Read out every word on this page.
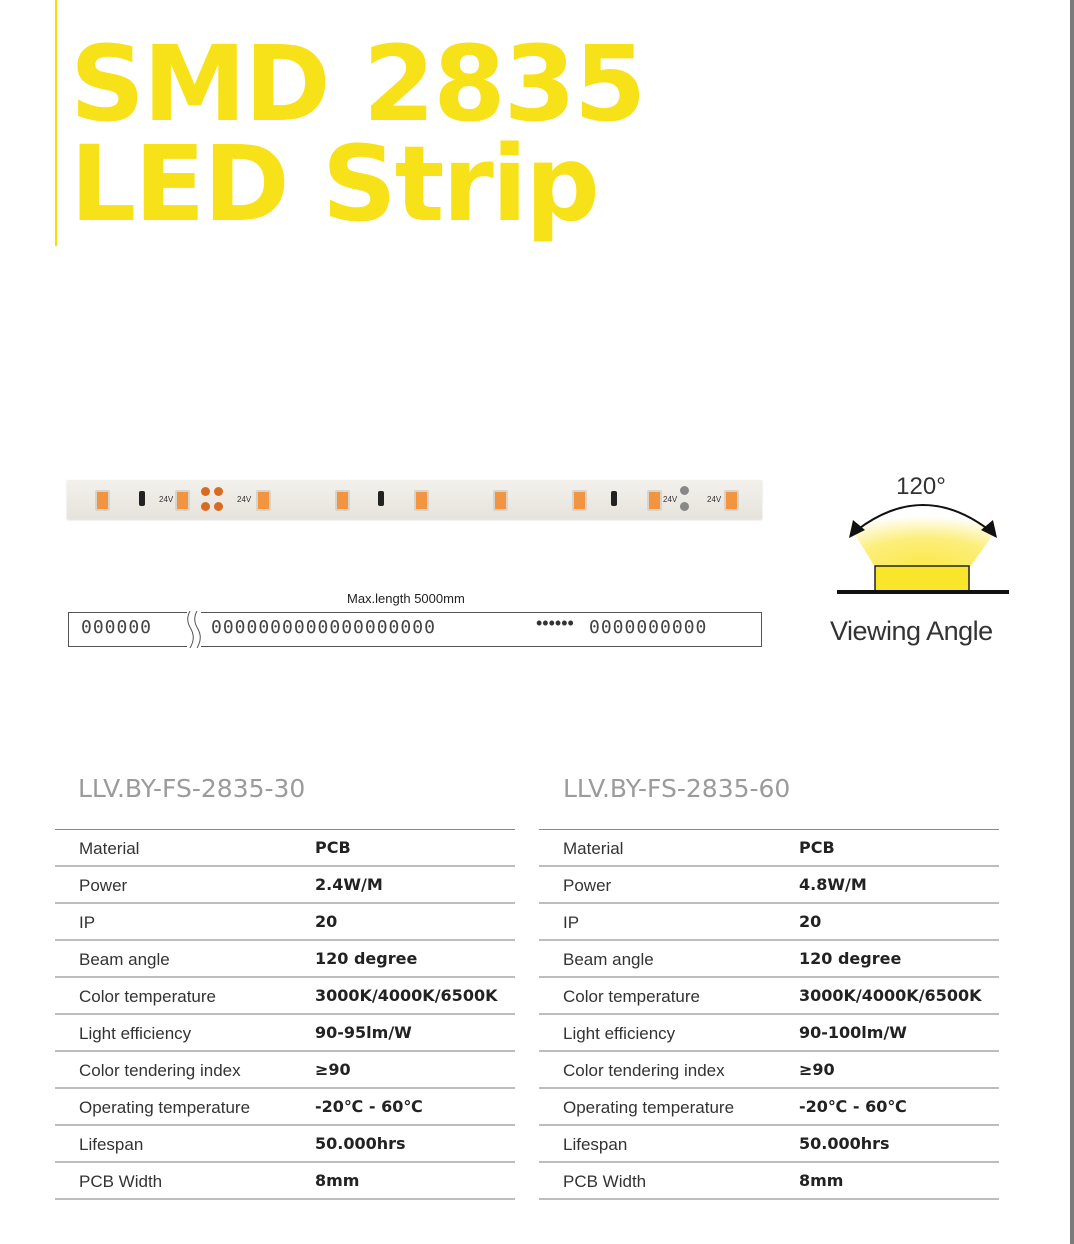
SMD 2835
LED Strip
24V	24V	24V	24V
Max.length 5000mm
000000	0000000000000000000	•••••• 0000000000
120°
Viewing Angle
LLV.BY-FS-2835-30	LLV.BY-FS-2835-60
Material	PCB
Power	2.4W/M
IP	20
Beam angle	120 degree
Color temperature	3000K/4000K/6500K
Light efficiency	90-95lm/W
Color tendering index	≥90
Operating temperature	-20℃ - 60℃
Lifespan	50.000hrs
PCB Width	8mm
Material	PCB
Power	4.8W/M
IP	20
Beam angle	120 degree
Color temperature	3000K/4000K/6500K
Light efficiency	90-100lm/W
Color tendering index	≥90
Operating temperature	-20℃ - 60℃
Lifespan	50.000hrs
PCB Width	8mm
